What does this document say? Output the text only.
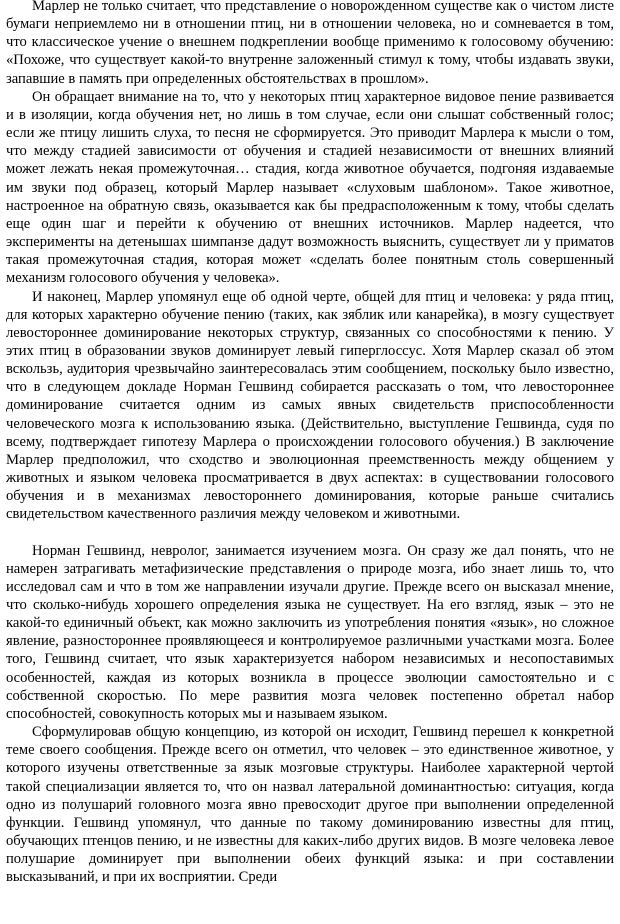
Марлер не только считает, что представление о новорожденном существе как о чистом листе бумаги неприемлемо ни в отношении птиц, ни в отношении человека, но и сомневается в том, что классическое учение о внешнем подкреплении вообще применимо к голосовому обучению: «Похоже, что существует какой-то внутренне заложенный стимул к тому, чтобы издавать звуки, запавшие в память при определенных обстоятельствах в прошлом».

Он обращает внимание на то, что у некоторых птиц характерное видовое пение развивается и в изоляции, когда обучения нет, но лишь в том случае, если они слышат собственный голос; если же птицу лишить слуха, то песня не сформируется. Это приводит Марлера к мысли о том, что между стадией зависимости от обучения и стадией независимости от внешних влияний может лежать некая промежуточная… стадия, когда животное обучается, подгоняя издаваемые им звуки под образец, который Марлер называет «слуховым шаблоном». Такое животное, настроенное на обратную связь, оказывается как бы предрасположенным к тому, чтобы сделать еще один шаг и перейти к обучению от внешних источников. Марлер надеется, что эксперименты на детенышах шимпанзе дадут возможность выяснить, существует ли у приматов такая промежуточная стадия, которая может «сделать более понятным столь совершенный механизм голосового обучения у человека».

И наконец, Марлер упомянул еще об одной черте, общей для птиц и человека: у ряда птиц, для которых характерно обучение пению (таких, как зяблик или канарейка), в мозгу существует левостороннее доминирование некоторых структур, связанных со способностями к пению. У этих птиц в образовании звуков доминирует левый гиперглоссус. Хотя Марлер сказал об этом вскользь, аудитория чрезвычайно заинтересовалась этим сообщением, поскольку было известно, что в следующем докладе Норман Гешвинд собирается рассказать о том, что левостороннее доминирование считается одним из самых явных свидетельств приспособленности человеческого мозга к использованию языка. (Действительно, выступление Гешвинда, судя по всему, подтверждает гипотезу Марлера о происхождении голосового обучения.) В заключение Марлер предположил, что сходство и эволюционная преемственность между общением у животных и языком человека просматривается в двух аспектах: в существовании голосового обучения и в механизмах левостороннего доминирования, которые раньше считались свидетельством качественного различия между человеком и животными.

Норман Гешвинд, невролог, занимается изучением мозга. Он сразу же дал понять, что не намерен затрагивать метафизические представления о природе мозга, ибо знает лишь то, что исследовал сам и что в том же направлении изучали другие. Прежде всего он высказал мнение, что сколько-нибудь хорошего определения языка не существует. На его взгляд, язык – это не какой-то единичный объект, как можно заключить из употребления понятия «язык», но сложное явление, разностороннее проявляющееся и контролируемое различными участками мозга. Более того, Гешвинд считает, что язык характеризуется набором независимых и несопоставимых особенностей, каждая из которых возникла в процессе эволюции самостоятельно и с собственной скоростью. По мере развития мозга человек постепенно обретал набор способностей, совокупность которых мы и называем языком.

Сформулировав общую концепцию, из которой он исходит, Гешвинд перешел к конкретной теме своего сообщения. Прежде всего он отметил, что человек – это единственное животное, у которого изучены ответственные за язык мозговые структуры. Наиболее характерной чертой такой специализации является то, что он назвал латеральной доминантностью: ситуация, когда одно из полушарий головного мозга явно превосходит другое при выполнении определенной функции. Гешвинд упомянул, что данные по такому доминированию известны для птиц, обучающих птенцов пению, и не известны для каких-либо других видов. В мозге человека левое полушарие доминирует при выполнении обеих функций языка: и при составлении высказываний, и при их восприятии. Среди
